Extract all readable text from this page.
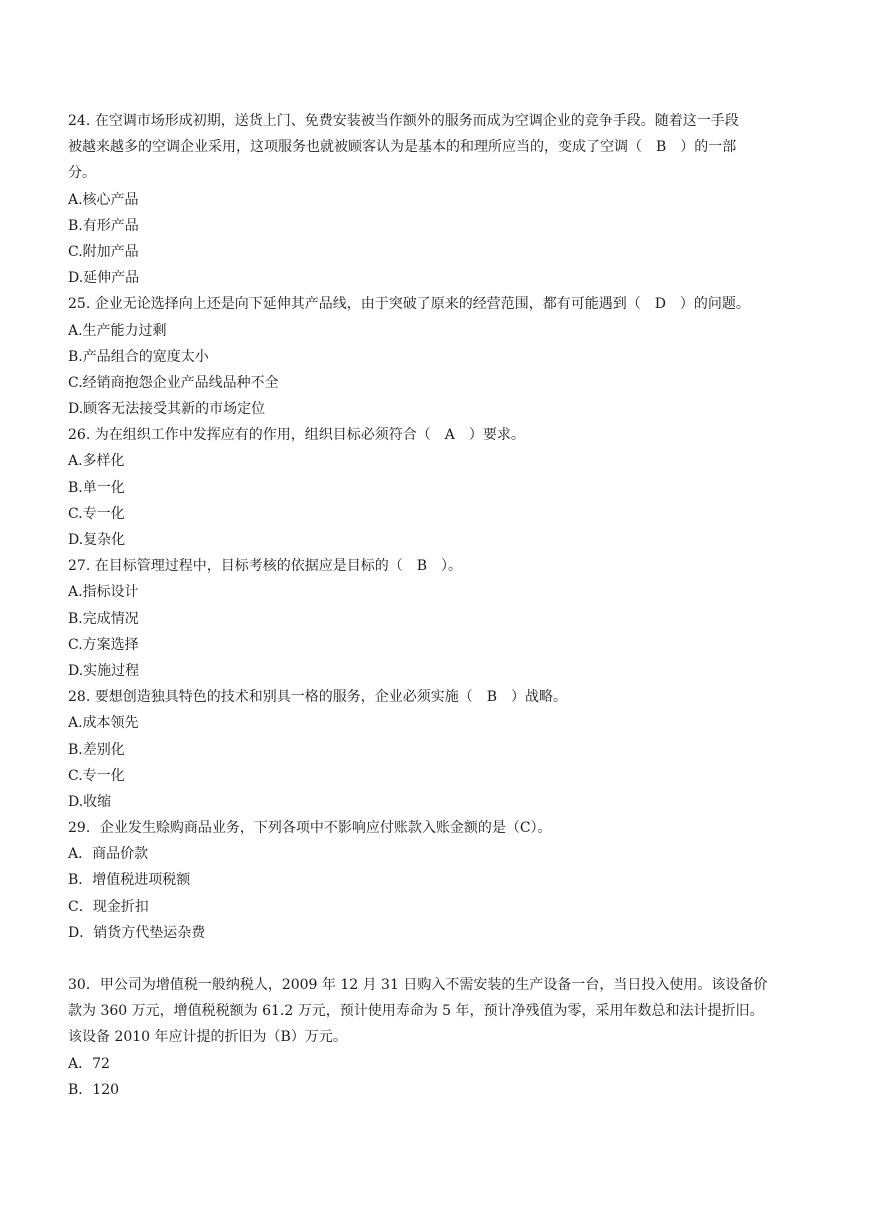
24. 在空调市场形成初期，送货上门、免费安装被当作额外的服务而成为空调企业的竞争手段。随着这一手段
被越来越多的空调企业采用，这项服务也就被顾客认为是基本的和理所应当的，变成了空调（　B　）的一部
分。
A.核心产品
B.有形产品
C.附加产品
D.延伸产品
25. 企业无论选择向上还是向下延伸其产品线，由于突破了原来的经营范围，都有可能遇到（　D　）的问题。
A.生产能力过剩
B.产品组合的宽度太小
C.经销商抱怨企业产品线品种不全
D.顾客无法接受其新的市场定位
26. 为在组织工作中发挥应有的作用，组织目标必须符合（　A　）要求。
A.多样化
B.单一化
C.专一化
D.复杂化
27. 在目标管理过程中，目标考核的依据应是目标的（　B　）。
A.指标设计
B.完成情况
C.方案选择
D.实施过程
28. 要想创造独具特色的技术和别具一格的服务，企业必须实施（　B　）战略。
A.成本领先
B.差别化
C.专一化
D.收缩
29．企业发生赊购商品业务，下列各项中不影响应付账款入账金额的是（C）。
A．商品价款
B．增值税进项税额
C．现金折扣
D．销货方代垫运杂费
30．甲公司为增值税一般纳税人，2009 年 12 月 31 日购入不需安装的生产设备一台，当日投入使用。该设备价
款为 360 万元，增值税税额为 61.2 万元，预计使用寿命为 5 年，预计净残值为零，采用年数总和法计提折旧。
该设备 2010 年应计提的折旧为（B）万元。
A．72
B．120
